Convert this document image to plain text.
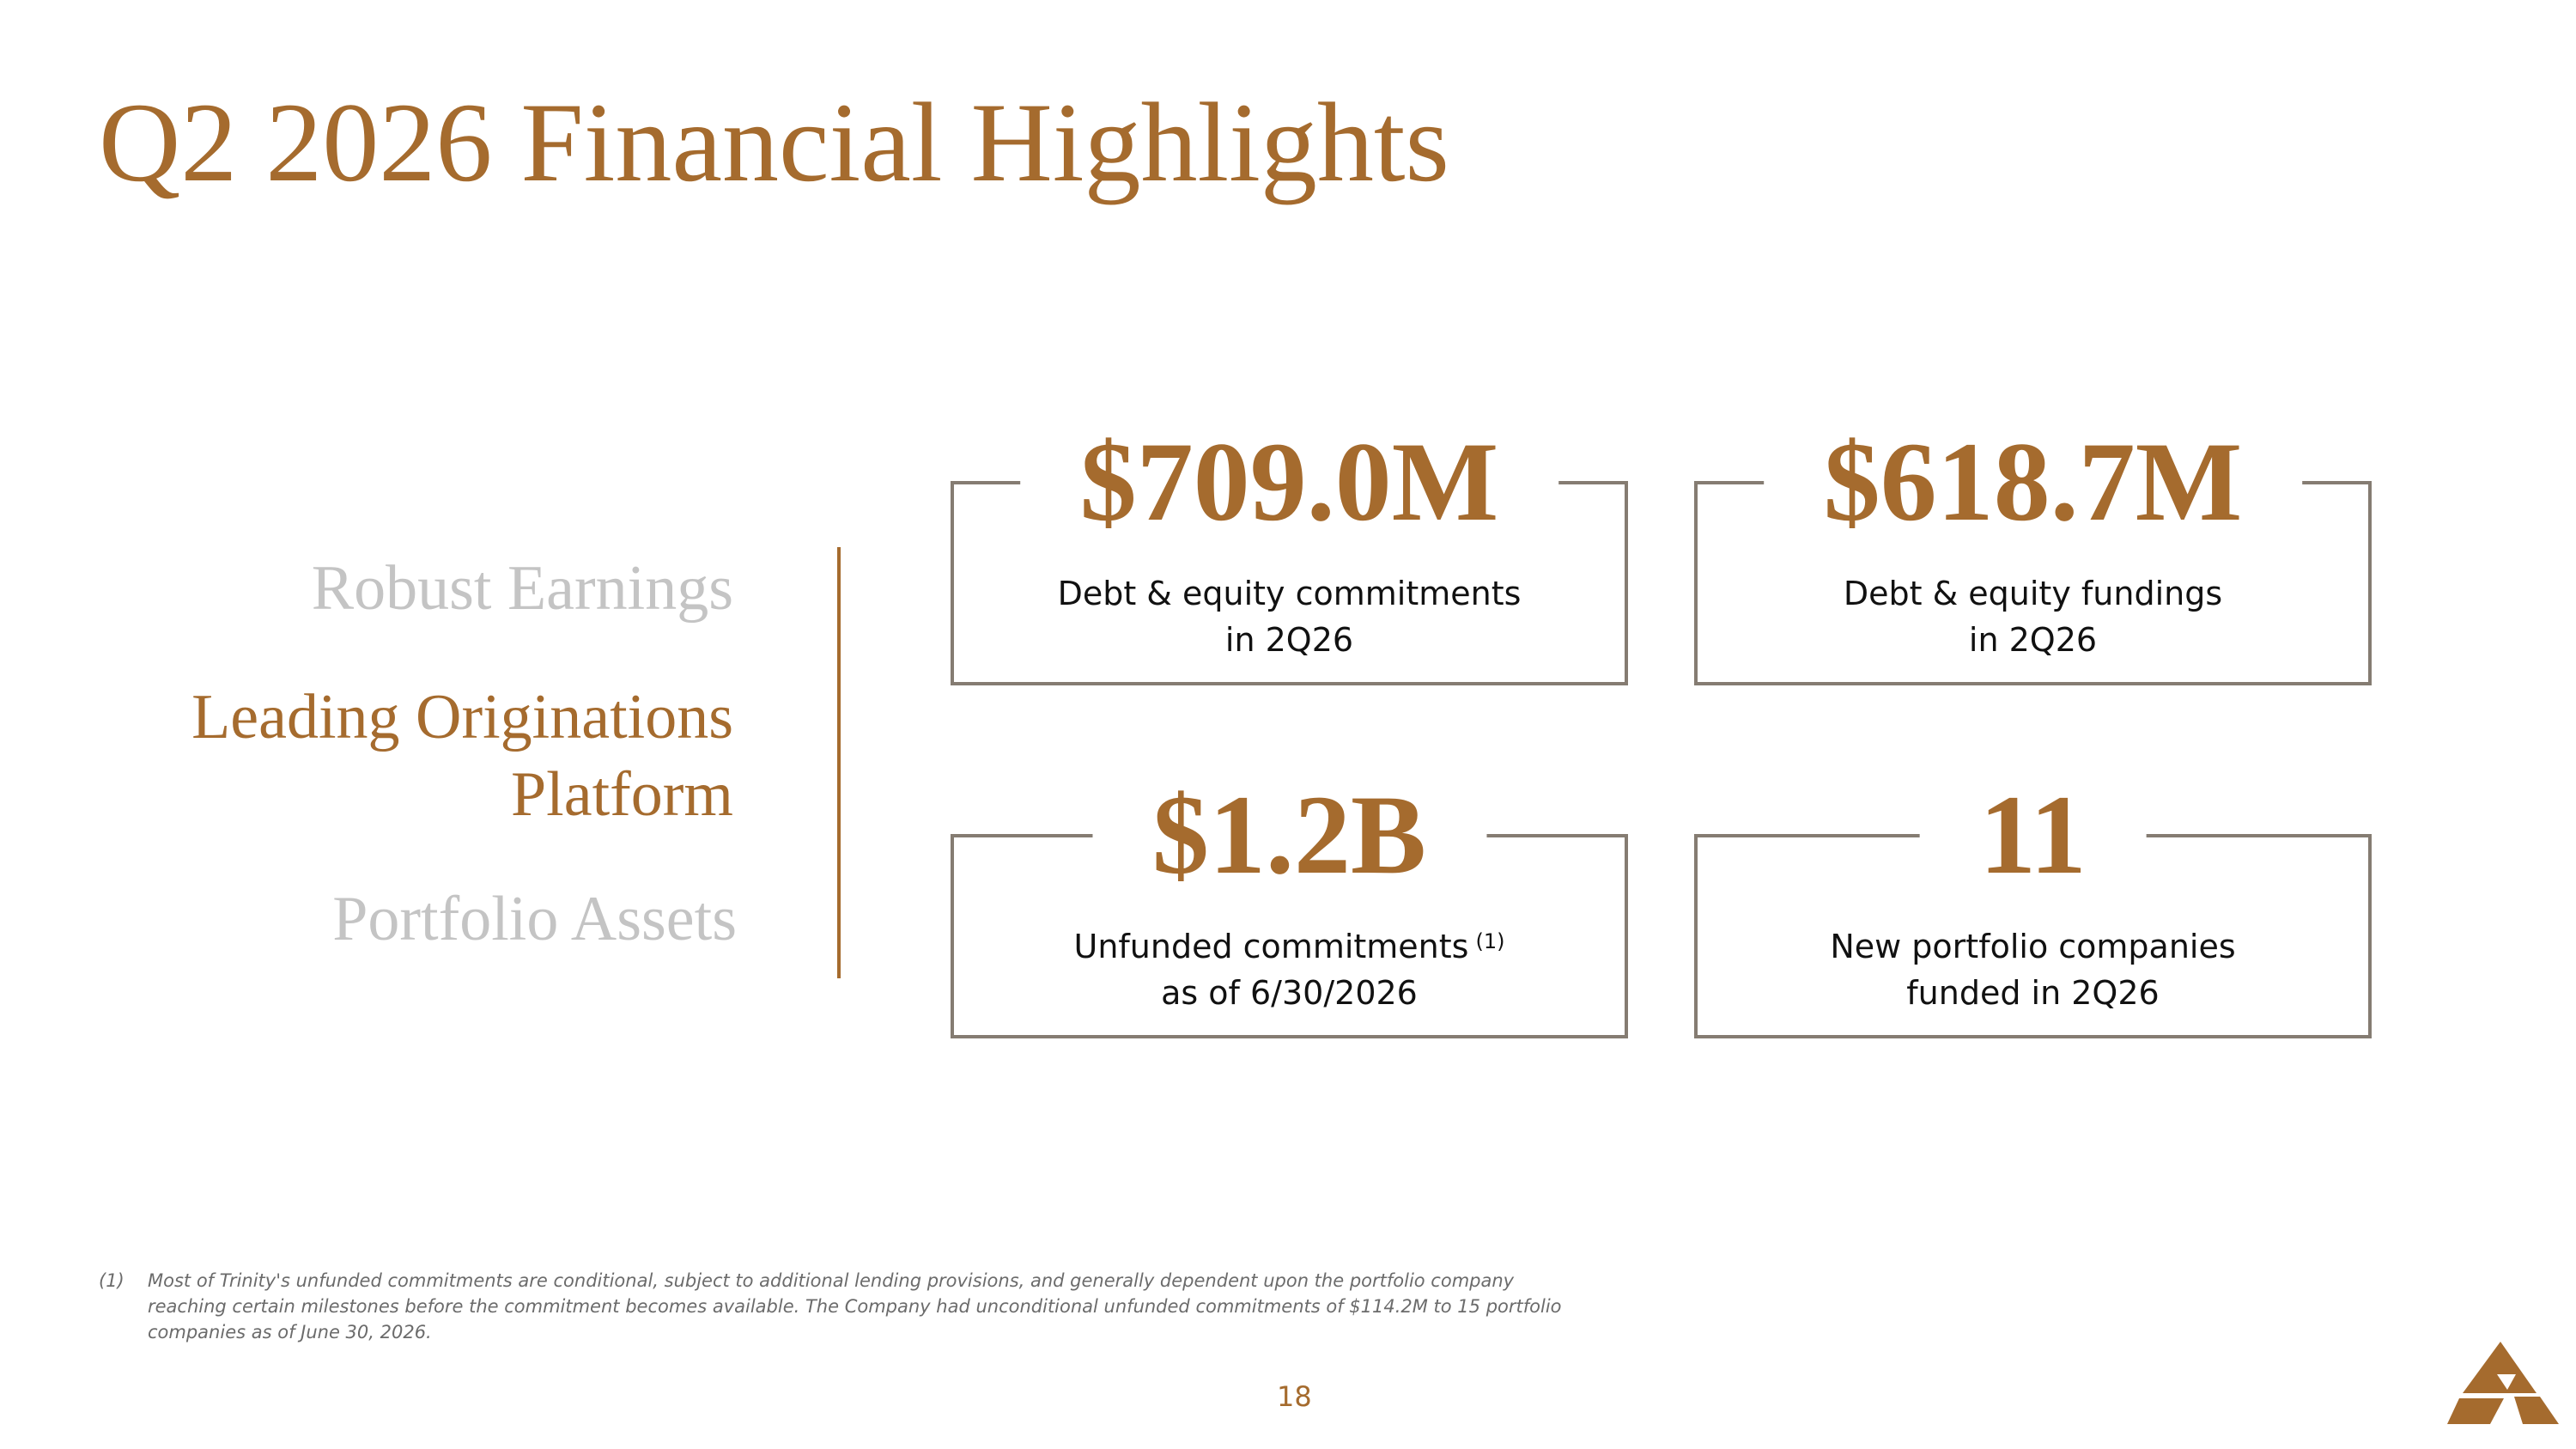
Q2 2026 Financial Highlights

Robust Earnings

Leading Originations
Platform

Portfolio Assets

$709.0M
Debt & equity commitments
in 2Q26
$618.7M
Debt & equity fundings
in 2Q26
$1.2B
Unfunded commitments $^{(1)}$
as of 6/30/2026
11
New portfolio companies
funded in 2Q26
(1) Most of Trinity's unfunded commitments are conditional, subject to additional lending provisions, and generally dependent upon the portfolio company reaching certain milestones before the commitment becomes available. The Company had unconditional unfunded commitments of $114.2M to 15 portfolio companies as of June 30, 2026.
18
